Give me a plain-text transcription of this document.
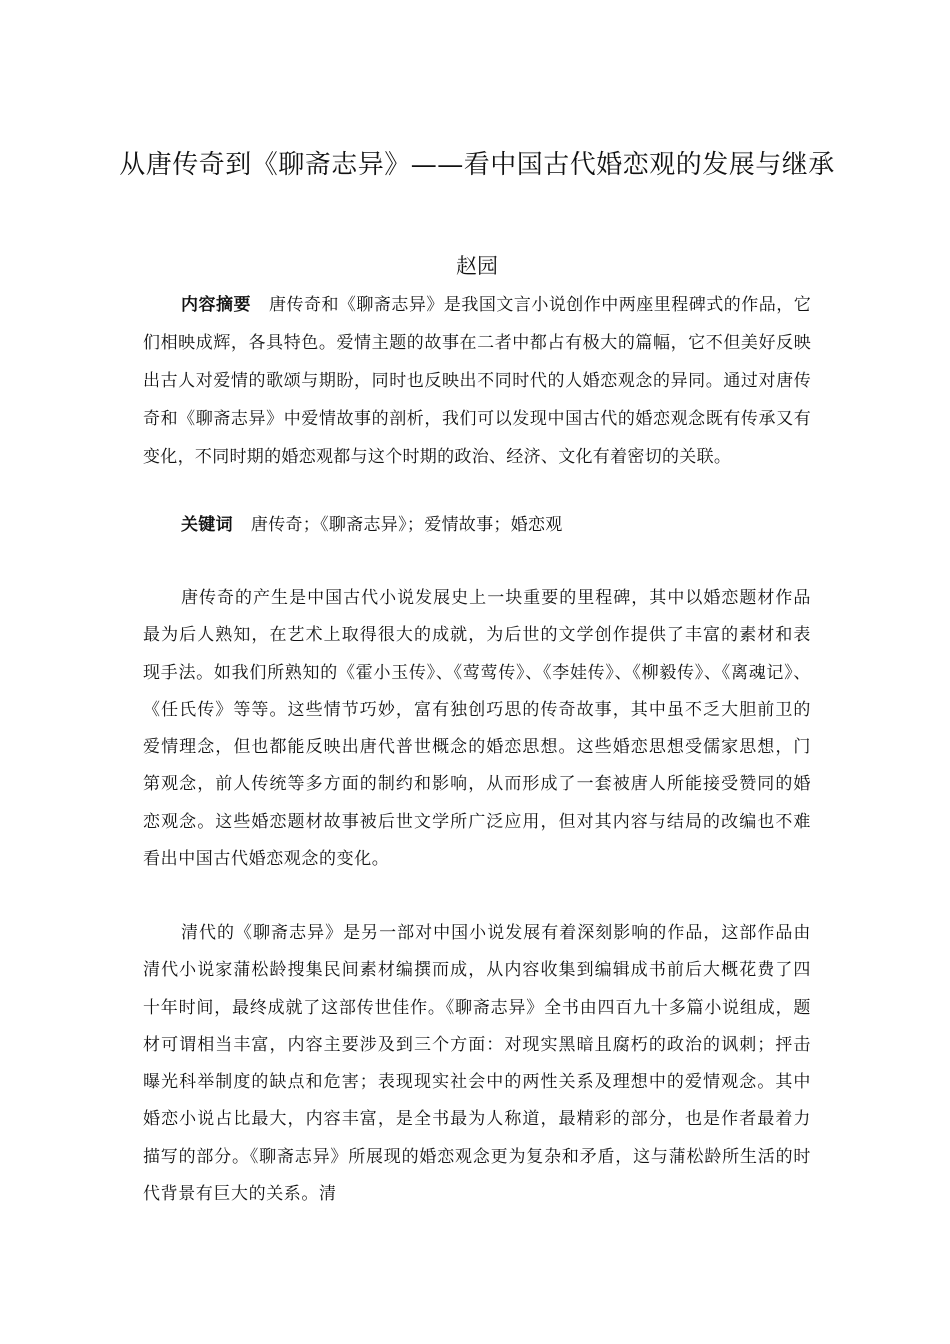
从唐传奇到《聊斋志异》——看中国古代婚恋观的发展与继承

赵园

内容摘要 唐传奇和《聊斋志异》是我国文言小说创作中两座里程碑式的作品，它们相映成辉，各具特色。爱情主题的故事在二者中都占有极大的篇幅，它不但美好反映出古人对爱情的歌颂与期盼，同时也反映出不同时代的人婚恋观念的异同。通过对唐传奇和《聊斋志异》中爱情故事的剖析，我们可以发现中国古代的婚恋观念既有传承又有变化，不同时期的婚恋观都与这个时期的政治、经济、文化有着密切的关联。

关键词 唐传奇；《聊斋志异》；爱情故事；婚恋观

唐传奇的产生是中国古代小说发展史上一块重要的里程碑，其中以婚恋题材作品最为后人熟知，在艺术上取得很大的成就，为后世的文学创作提供了丰富的素材和表现手法。如我们所熟知的《霍小玉传》、《莺莺传》、《李娃传》、《柳毅传》、《离魂记》、《任氏传》等等。这些情节巧妙，富有独创巧思的传奇故事，其中虽不乏大胆前卫的爱情理念，但也都能反映出唐代普世概念的婚恋思想。这些婚恋思想受儒家思想，门第观念，前人传统等多方面的制约和影响，从而形成了一套被唐人所能接受赞同的婚恋观念。这些婚恋题材故事被后世文学所广泛应用，但对其内容与结局的改编也不难看出中国古代婚恋观念的变化。

清代的《聊斋志异》是另一部对中国小说发展有着深刻影响的作品，这部作品由清代小说家蒲松龄搜集民间素材编撰而成，从内容收集到编辑成书前后大概花费了四十年时间，最终成就了这部传世佳作。《聊斋志异》全书由四百九十多篇小说组成，题材可谓相当丰富，内容主要涉及到三个方面：对现实黑暗且腐朽的政治的讽刺；抨击曝光科举制度的缺点和危害；表现现实社会中的两性关系及理想中的爱情观念。其中婚恋小说占比最大，内容丰富，是全书最为人称道，最精彩的部分，也是作者最着力描写的部分。《聊斋志异》所展现的婚恋观念更为复杂和矛盾，这与蒲松龄所生活的时代背景有巨大的关系。清
